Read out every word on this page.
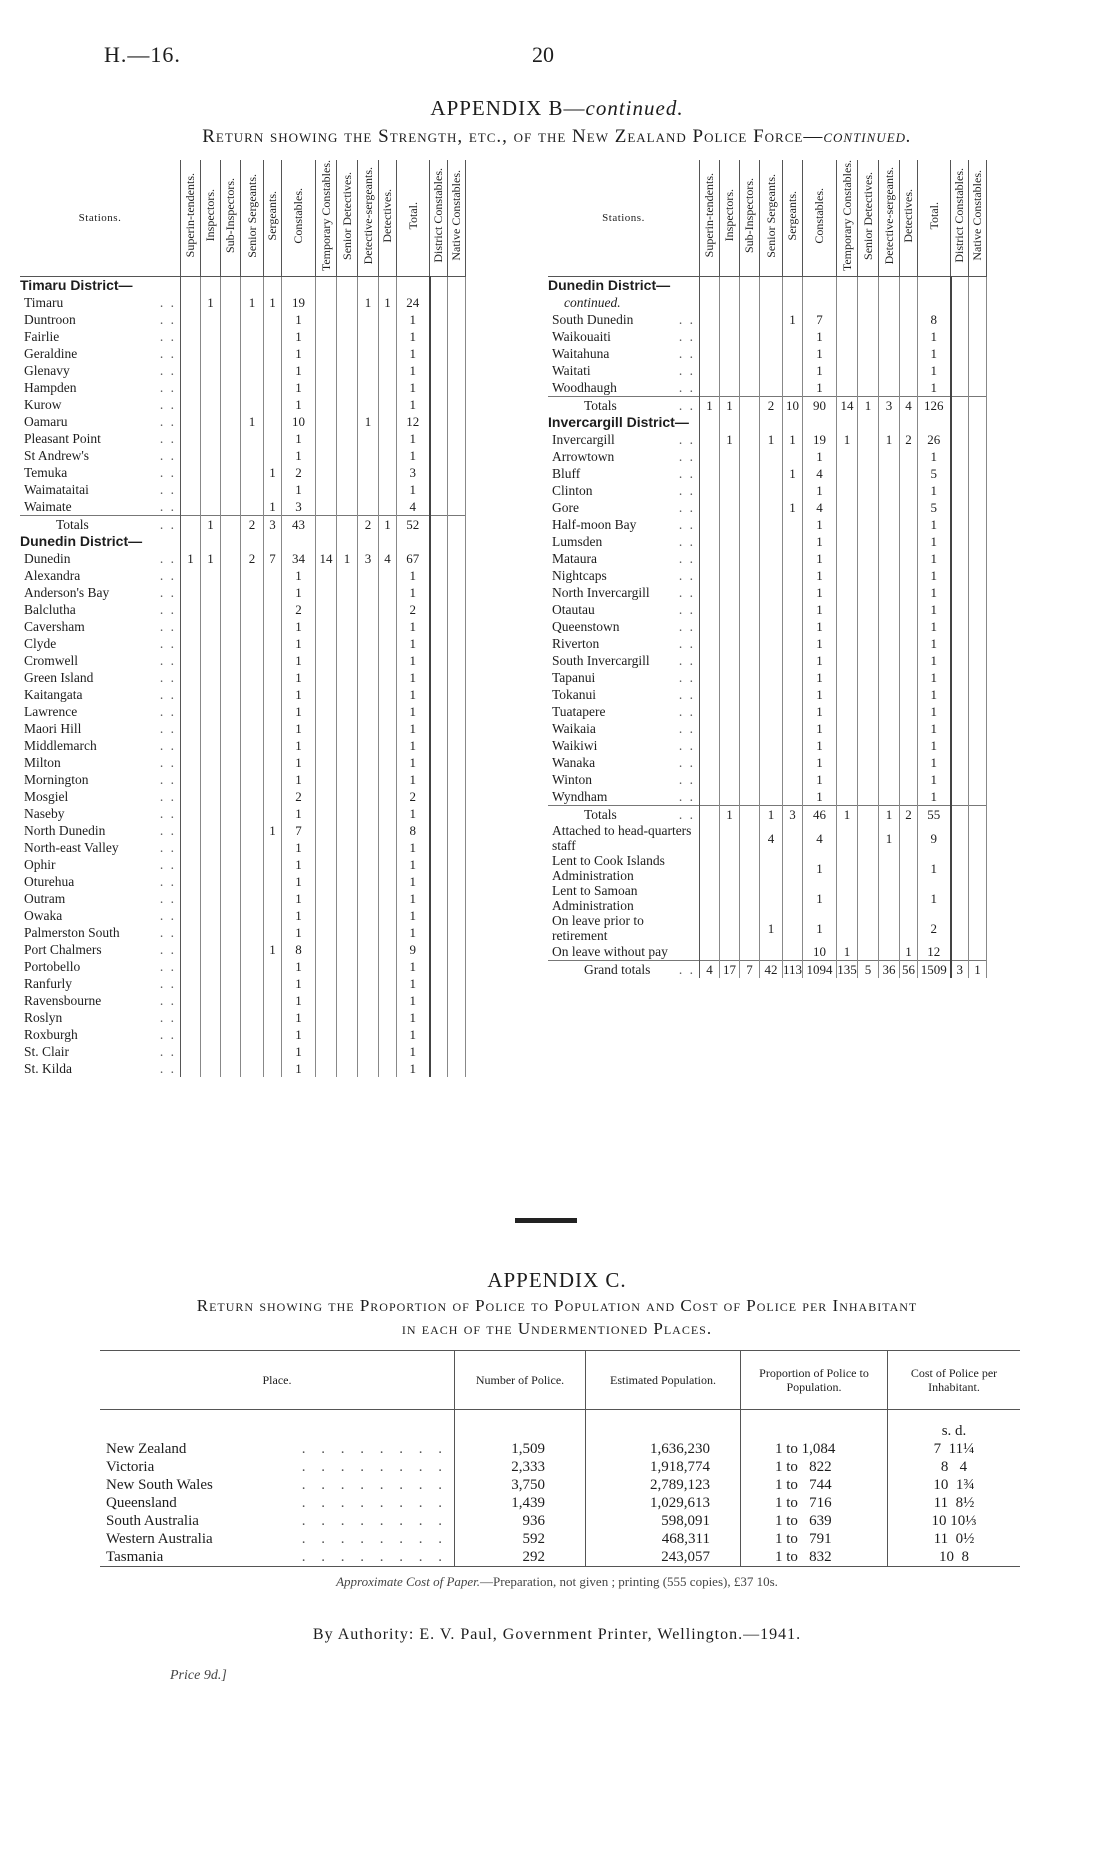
H.—16.	20
APPENDIX B—continued.
Return showing the Strength, etc., of the New Zealand Police Force—continued.
Stations.	Superin-tendents.	Inspectors.	Sub-Inspectors.	Senior Sergeants.	Sergeants.	Constables.	Temporary Constables.	Senior Detectives.	Detective-sergeants.	Detectives.	Total.	District Constables.	Native Constables.
Timaru District—													
Timaru . .		1		1	1	19			1	1	24		
Duntroon . .						1					1		
Fairlie . .						1					1		
Geraldine . .						1					1		
Glenavy . .						1					1		
Hampden . .						1					1		
Kurow . .						1					1		
Oamaru . .				1		10			1		12		
Pleasant Point . .						1					1		
St Andrew's . .						1					1		
Temuka . .					1	2					3		
Waimataitai . .						1					1		
Waimate . .					1	3					4		
Totals . .		1		2	3	43			2	1	52		
Dunedin District—													
Dunedin . .	1	1		2	7	34	14	1	3	4	67		
Alexandra . .						1					1		
Anderson's Bay . .						1					1		
Balclutha . .						2					2		
Caversham . .						1					1		
Clyde . .						1					1		
Cromwell . .						1					1		
Green Island . .						1					1		
Kaitangata . .						1					1		
Lawrence . .						1					1		
Maori Hill . .						1					1		
Middlemarch . .						1					1		
Milton . .						1					1		
Mornington . .						1					1		
Mosgiel . .						2					2		
Naseby . .						1					1		
North Dunedin . .					1	7					8		
North-east Valley . .						1					1		
Ophir . .						1					1		
Oturehua . .						1					1		
Outram . .						1					1		
Owaka . .						1					1		
Palmerston South . .						1					1		
Port Chalmers . .					1	8					9		
Portobello . .						1					1		
Ranfurly . .						1					1		
Ravensbourne . .						1					1		
Roslyn . .						1					1		
Roxburgh . .						1					1		
St. Clair . .						1					1		
St. Kilda . .						1					1		
Stations.	Superin-tendents.	Inspectors.	Sub-Inspectors.	Senior Sergeants.	Sergeants.	Constables.	Temporary Constables.	Senior Detectives.	Detective-sergeants.	Detectives.	Total.	District Constables.	Native Constables.
Dunedin District—													
continued.													
South Dunedin . .					1	7					8		
Waikouaiti . .						1					1		
Waitahuna . .						1					1		
Waitati . .						1					1		
Woodhaugh . .						1					1		
Totals . .	1	1		2	10	90	14	1	3	4	126		
Invercargill District—													
Invercargill . .		1		1	1	19	1		1	2	26		
Arrowtown . .						1					1		
Bluff . .					1	4					5		
Clinton . .						1					1		
Gore . .					1	4					5		
Half-moon Bay . .						1					1		
Lumsden . .						1					1		
Mataura . .						1					1		
Nightcaps . .						1					1		
North Invercargill . .						1					1		
Otautau . .						1					1		
Queenstown . .						1					1		
Riverton . .						1					1		
South Invercargill . .						1					1		
Tapanui . .						1					1		
Tokanui . .						1					1		
Tuatapere . .						1					1		
Waikaia . .						1					1		
Waikiwi . .						1					1		
Wanaka . .						1					1		
Winton . .						1					1		
Wyndham . .						1					1		
Totals . .		1		1	3	46	1		1	2	55		
Attached to head-quarters staff				4		4			1		9		
Lent to Cook Islands Administration						1					1		
Lent to Samoan Administration						1					1		
On leave prior to retirement				1		1					2		
On leave without pay						10	1			1	12		
Grand totals . .	4	17	7	42	113	1094	135	5	36	56	1509	3	1
APPENDIX C.
Return showing the Proportion of Police to Population and Cost of Police per Inhabitant
in each of the Undermentioned Places.
Place.	Number of Police.	Estimated Population.	Proportion of Police to Population.	Cost of Police per Inhabitant.
				s. d.
New Zealand . . . . . . . .	1,509	1,636,230	1 to 1,084	7  11¼
Victoria . . . . . . . .	2,333	1,918,774	1 to   822	8   4
New South Wales . . . . . . . .	3,750	2,789,123	1 to   744	10  1¾
Queensland . . . . . . . .	1,439	1,029,613	1 to   716	11  8½
South Australia . . . . . . . .	936	598,091	1 to   639	10 10⅓
Western Australia . . . . . . . .	592	468,311	1 to   791	11  0½
Tasmania . . . . . . . .	292	243,057	1 to   832	10  8
Approximate Cost of Paper.—Preparation, not given ; printing (555 copies), £37 10s.
By Authority: E. V. Paul, Government Printer, Wellington.—1941.
Price 9d.]
